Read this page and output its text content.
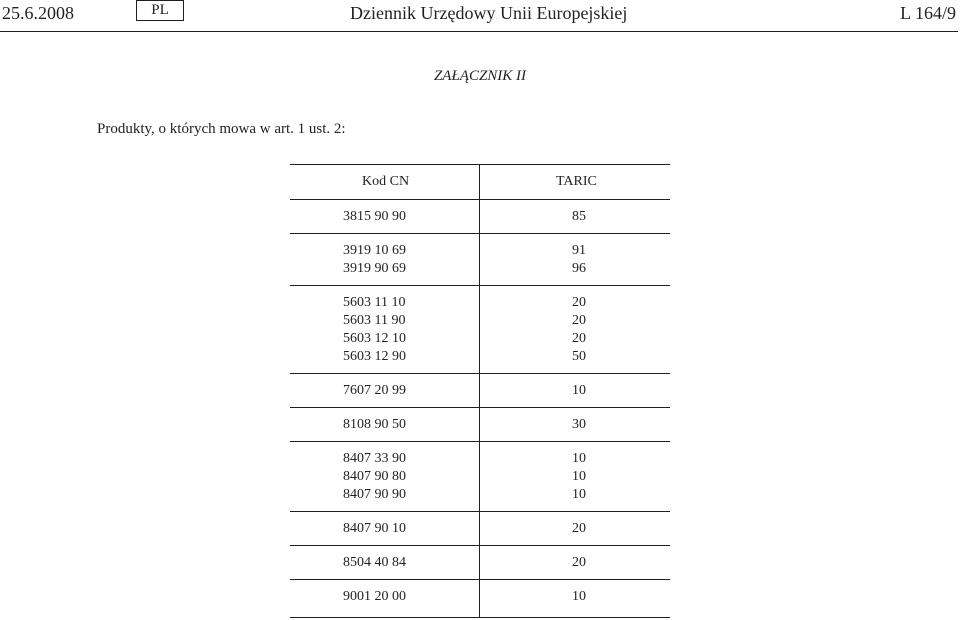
25.6.2008	PL	Dziennik Urzędowy Unii Europejskiej	L 164/9
ZAŁĄCZNIK II
Produkty, o których mowa w art. 1 ust. 2:
Kod CN	TARIC
3815 90 90	85
3919 10 69	91
3919 90 69	96
5603 11 10	20
5603 11 90	20
5603 12 10	20
5603 12 90	50
7607 20 99	10
8108 90 50	30
8407 33 90	10
8407 90 80	10
8407 90 90	10
8407 90 10	20
8504 40 84	20
9001 20 00	10
